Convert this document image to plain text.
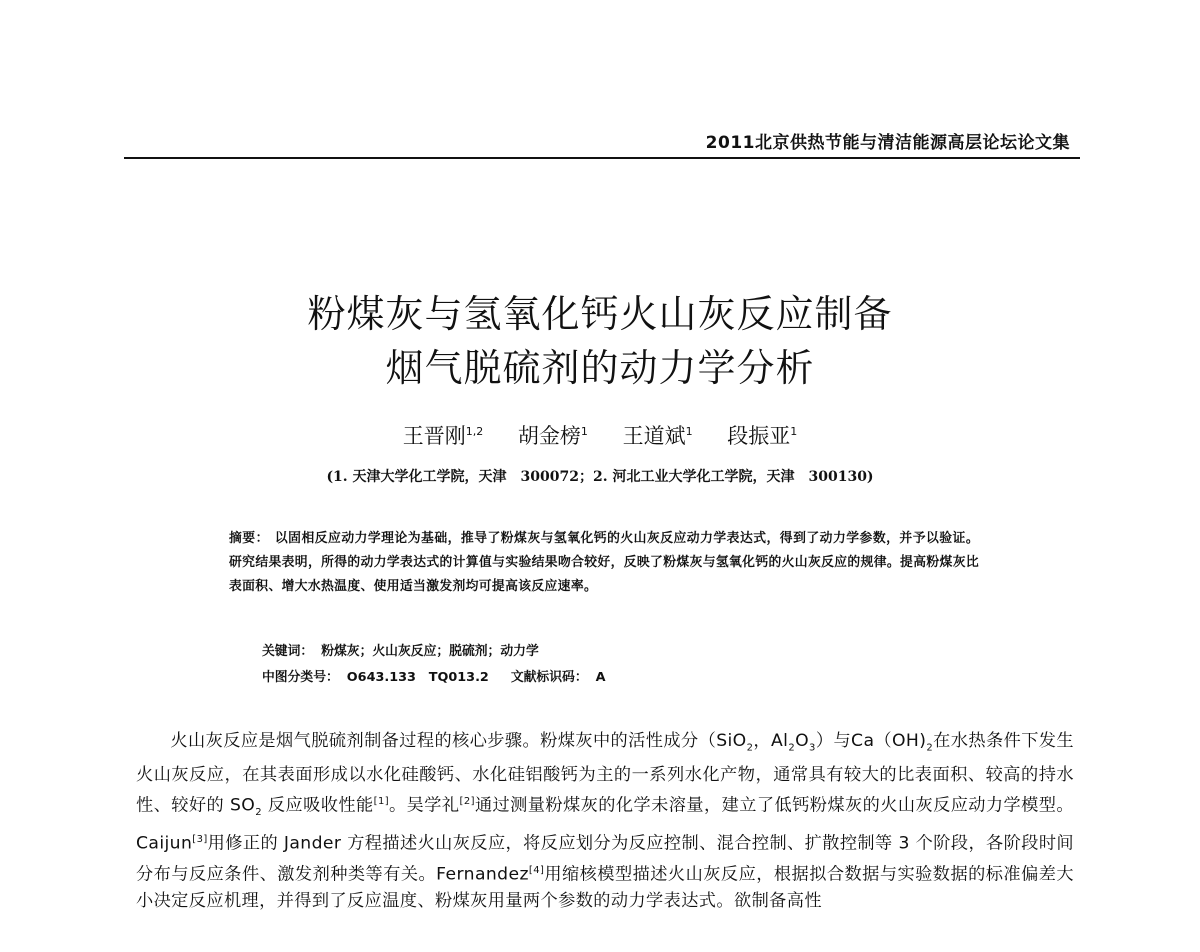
2011北京供热节能与清洁能源高层论坛论文集
粉煤灰与氢氧化钙火山灰反应制备
烟气脱硫剂的动力学分析
王晋刚$^{1,2}$ 胡金榜$^1$ 王道斌$^1$ 段振亚$^1$
(1. 天津大学化工学院，天津　300072；2. 河北工业大学化工学院，天津　300130)
摘要： 以固相反应动力学理论为基础，推导了粉煤灰与氢氧化钙的火山灰反应动力学表达式，得到了动力学参数，并予以验证。研究结果表明，所得的动力学表达式的计算值与实验结果吻合较好，反映了粉煤灰与氢氧化钙的火山灰反应的规律。提高粉煤灰比表面积、增大水热温度、使用适当激发剂均可提高该反应速率。
关键词： 粉煤灰；火山灰反应；脱硫剂；动力学
中图分类号： O643.133　TQ013.2 文献标识码： A
火山灰反应是烟气脱硫剂制备过程的核心步骤。粉煤灰中的活性成分（SiO$_2$，$Al_2O_3$）与$Ca(OH)_2$在水热条件下发生火山灰反应，在其表面形成以水化硅酸钙、水化硅铝酸钙为主的一系列水化产物，通常具有较大的比表面积、较高的持水性、较好的 $SO_2$ 反应吸收性能[1]。吴学礼[2]通过测量粉煤灰的化学未溶量，建立了低钙粉煤灰的火山灰反应动力学模型。Caijun[3]用修正的 Jander 方程描述火山灰反应，将反应划分为反应控制、混合控制、扩散控制等 3 个阶段，各阶段时间分布与反应条件、激发剂种类等有关。Fernandez[4]用缩核模型描述火山灰反应，根据拟合数据与实验数据的标准偏差大小决定反应机理，并得到了反应温度、粉煤灰用量两个参数的动力学表达式。欲制备高性
